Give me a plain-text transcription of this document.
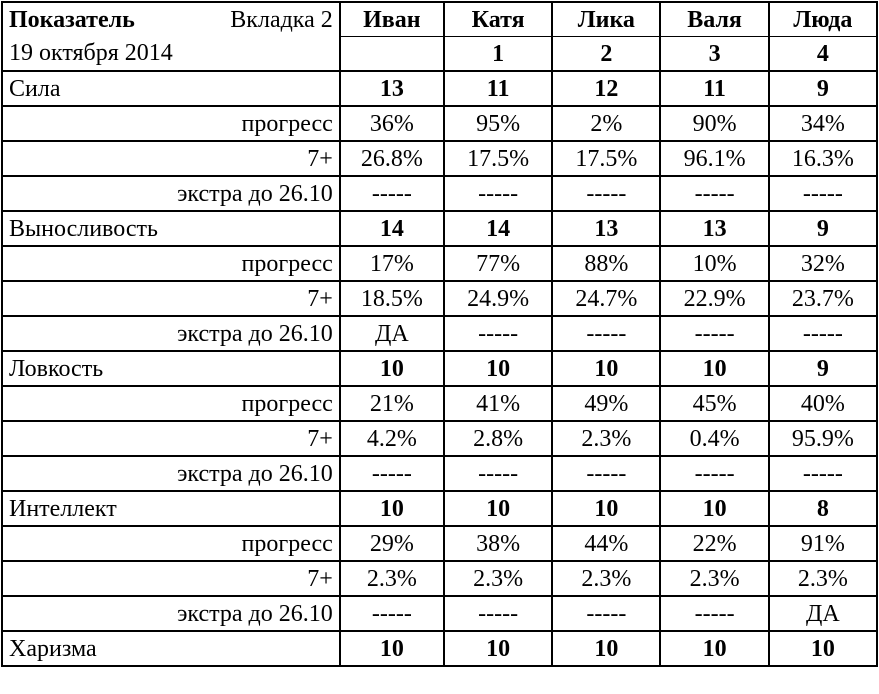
Показатель Вкладка 2	Иван	Катя	Лика	Валя	Люда
19 октября 2014		1	2	3	4
Сила	13	11	12	11	9
прогресс	36%	95%	2%	90%	34%
7+	26.8%	17.5%	17.5%	96.1%	16.3%
экстра до 26.10	-----	-----	-----	-----	-----
Выносливость	14	14	13	13	9
прогресс	17%	77%	88%	10%	32%
7+	18.5%	24.9%	24.7%	22.9%	23.7%
экстра до 26.10	ДА	-----	-----	-----	-----
Ловкость	10	10	10	10	9
прогресс	21%	41%	49%	45%	40%
7+	4.2%	2.8%	2.3%	0.4%	95.9%
экстра до 26.10	-----	-----	-----	-----	-----
Интеллект	10	10	10	10	8
прогресс	29%	38%	44%	22%	91%
7+	2.3%	2.3%	2.3%	2.3%	2.3%
экстра до 26.10	-----	-----	-----	-----	ДА
Харизма	10	10	10	10	10
